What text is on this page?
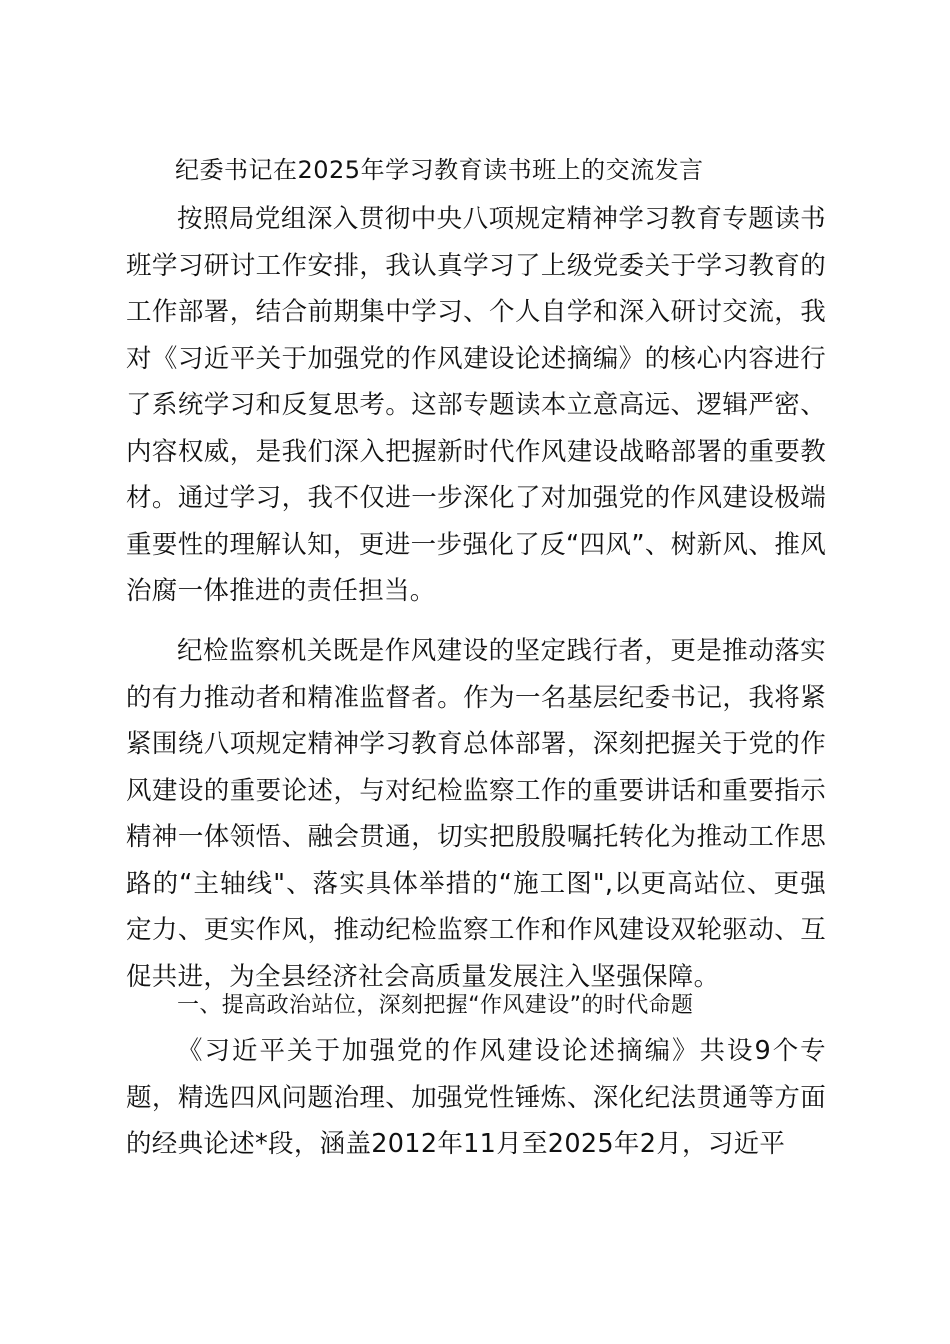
纪委书记在2025年学习教育读书班上的交流发言

按照局党组深入贯彻中央八项规定精神学习教育专题读书班学习研讨工作安排，我认真学习了上级党委关于学习教育的工作部署，结合前期集中学习、个人自学和深入研讨交流，我对《习近平关于加强党的作风建设论述摘编》的核心内容进行了系统学习和反复思考。这部专题读本立意高远、逻辑严密、内容权威，是我们深入把握新时代作风建设战略部署的重要教材。通过学习，我不仅进一步深化了对加强党的作风建设极端重要性的理解认知，更进一步强化了反“四风”、树新风、推风治腐一体推进的责任担当。

纪检监察机关既是作风建设的坚定践行者，更是推动落实的有力推动者和精准监督者。作为一名基层纪委书记，我将紧紧围绕八项规定精神学习教育总体部署，深刻把握关于党的作风建设的重要论述，与对纪检监察工作的重要讲话和重要指示精神一体领悟、融会贯通，切实把殷殷嘱托转化为推动工作思路的“主轴线"、落实具体举措的“施工图",以更高站位、更强定力、更实作风，推动纪检监察工作和作风建设双轮驱动、互促共进，为全县经济社会高质量发展注入坚强保障。

一、提高政治站位，深刻把握“作风建设”的时代命题

《习近平关于加强党的作风建设论述摘编》共设9个专题，精选四风问题治理、加强党性锤炼、深化纪法贯通等方面的经典论述*段，涵盖2012年11月至2025年2月，习近平
